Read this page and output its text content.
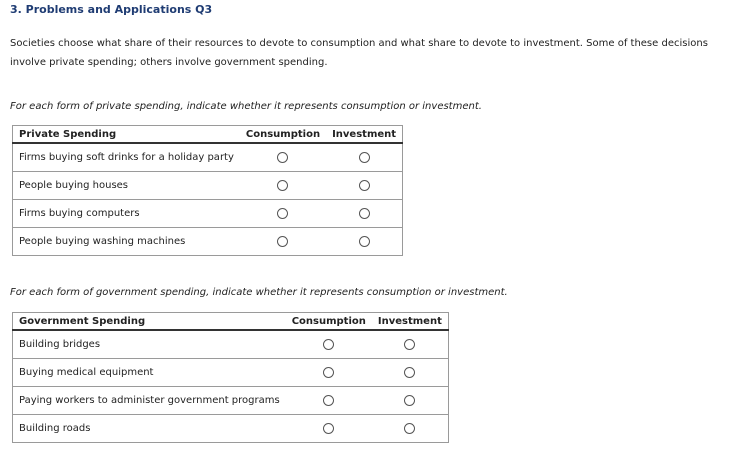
3. Problems and Applications Q3
Societies choose what share of their resources to devote to consumption and what share to devote to investment. Some of these decisions involve private spending; others involve government spending.
For each form of private spending, indicate whether it represents consumption or investment.
Private Spending	Consumption	Investment
Firms buying soft drinks for a holiday party		
People buying houses		
Firms buying computers		
People buying washing machines		
For each form of government spending, indicate whether it represents consumption or investment.
Government Spending	Consumption	Investment
Building bridges		
Buying medical equipment		
Paying workers to administer government programs		
Building roads		
